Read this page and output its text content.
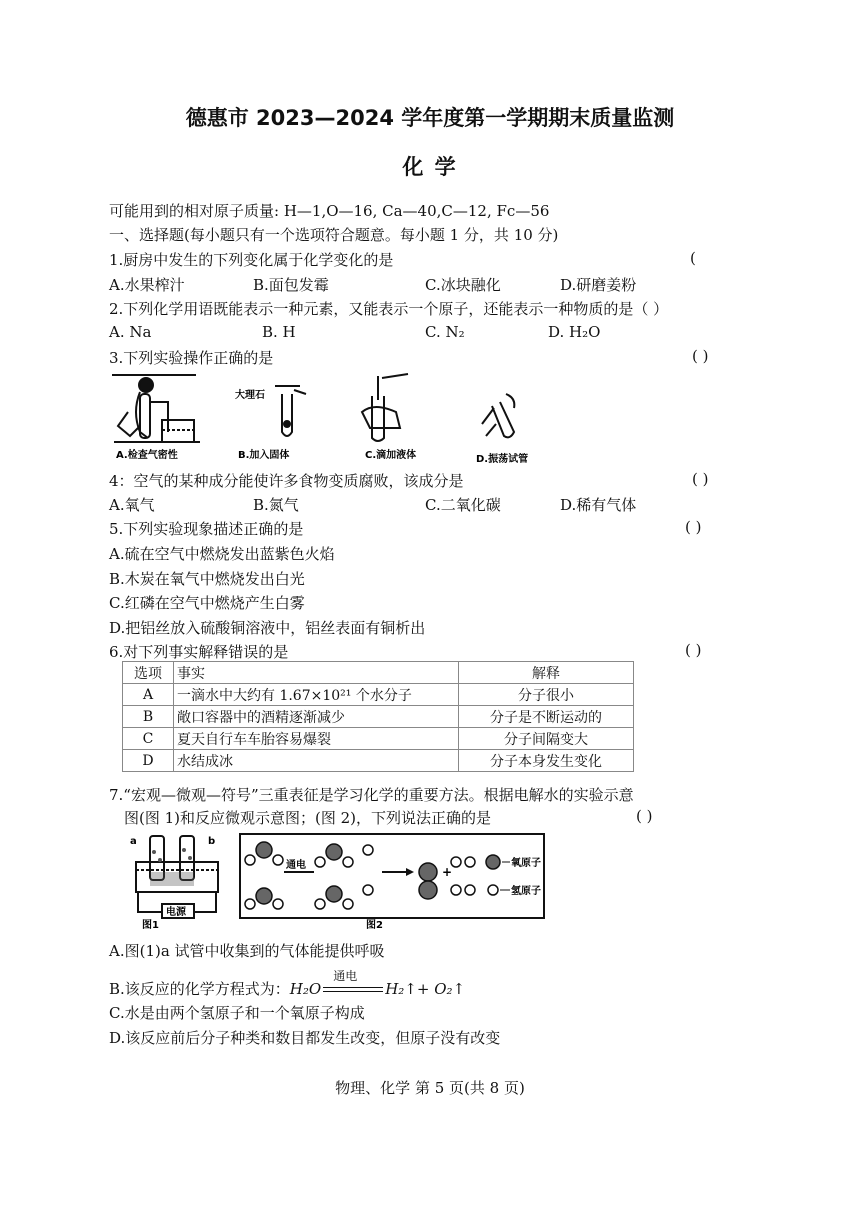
德惠市 2023—2024 学年度第一学期期末质量监测
化 学
可能用到的相对原子质量: H—1,O—16, Ca—40,C—12, Fc—56
一、选择题(每小题只有一个选项符合题意。每小题 1 分，共 10 分)
1.厨房中发生的下列变化属于化学变化的是	(
A.水果榨汁	B.面包发霉	C.冰块融化	D.研磨姜粉
2.下列化学用语既能表示一种元素，又能表示一个原子，还能表示一种物质的是（ ）
A. Na	B. H	C. N₂	D. H₂O
3.下列实验操作正确的是	( )
A.检查气密性
大理石
B.加入固体	C.滴加液体	D.振荡试管
4：空气的某种成分能使许多食物变质腐败，该成分是	( )
A.氧气	B.氮气	C.二氧化碳	D.稀有气体
5.下列实验现象描述正确的是	( )
A.硫在空气中燃烧发出蓝紫色火焰
B.木炭在氧气中燃烧发出白光
C.红磷在空气中燃烧产生白雾
D.把铝丝放入硫酸铜溶液中，铝丝表面有铜析出
6.对下列事实解释错误的是	( )
选项	事实	解释
A	一滴水中大约有 1.67×10²¹ 个水分子	分子很小
B	敞口容器中的酒精逐渐减少	分子是不断运动的
C	夏天自行车车胎容易爆裂	分子间隔变大
D	水结成冰	分子本身发生变化
7.“宏观—微观—符号”三重表征是学习化学的重要方法。根据电解水的实验示意
图(图 1)和反应微观示意图；(图 2)，下列说法正确的是	( )
a	b
电源
图1
通电	+
氧原子
氢原子
图2
A.图(1)a 试管中收集到的气体能提供呼吸
B.该反应的化学方程式为：H₂O
通电
H₂↑+ O₂↑
C.水是由两个氢原子和一个氧原子构成
D.该反应前后分子种类和数目都发生改变，但原子没有改变
物理、化学 第 5 页(共 8 页)
